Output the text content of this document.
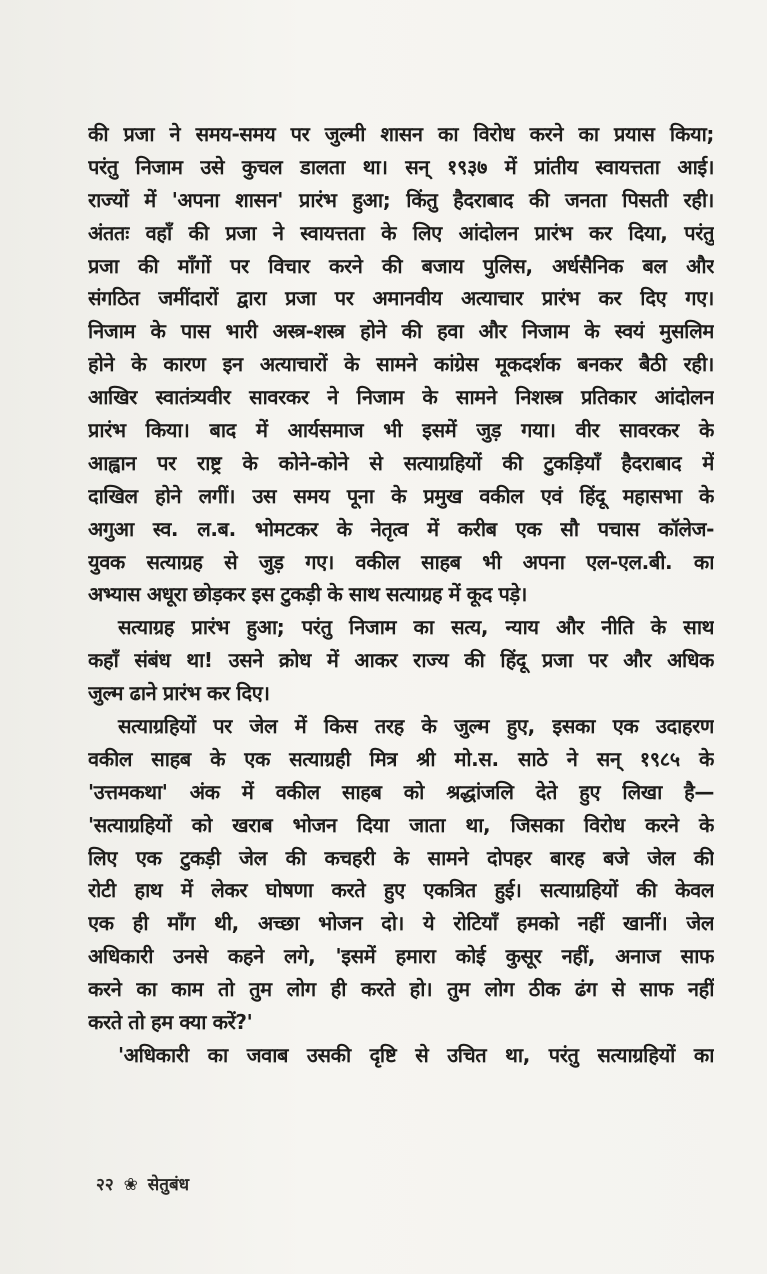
की प्रजा ने समय-समय पर जुल्मी शासन का विरोध करने का प्रयास किया;
परंतु निजाम उसे कुचल डालता था। सन् १९३७ में प्रांतीय स्वायत्तता आई।
राज्यों में 'अपना शासन' प्रारंभ हुआ; किंतु हैदराबाद की जनता पिसती रही।
अंततः वहाँ की प्रजा ने स्वायत्तता के लिए आंदोलन प्रारंभ कर दिया, परंतु
प्रजा की माँगों पर विचार करने की बजाय पुलिस, अर्धसैनिक बल और
संगठित जमींदारों द्वारा प्रजा पर अमानवीय अत्याचार प्रारंभ कर दिए गए।
निजाम के पास भारी अस्त्र-शस्त्र होने की हवा और निजाम के स्वयं मुसलिम
होने के कारण इन अत्याचारों के सामने कांग्रेस मूकदर्शक बनकर बैठी रही।
आखिर स्वातंत्र्यवीर सावरकर ने निजाम के सामने निशस्त्र प्रतिकार आंदोलन
प्रारंभ किया। बाद में आर्यसमाज भी इसमें जुड़ गया। वीर सावरकर के
आह्वान पर राष्ट्र के कोने-कोने से सत्याग्रहियों की टुकड़ियाँ हैदराबाद में
दाखिल होने लगीं। उस समय पूना के प्रमुख वकील एवं हिंदू महासभा के
अगुआ स्व. ल.ब. भोमटकर के नेतृत्व में करीब एक सौ पचास कॉलेज-
युवक सत्याग्रह से जुड़ गए। वकील साहब भी अपना एल-एल.बी. का
अभ्यास अधूरा छोड़कर इस टुकड़ी के साथ सत्याग्रह में कूद पड़े।
सत्याग्रह प्रारंभ हुआ; परंतु निजाम का सत्य, न्याय और नीति के साथ
कहाँ संबंध था! उसने क्रोध में आकर राज्य की हिंदू प्रजा पर और अधिक
जुल्म ढाने प्रारंभ कर दिए।
सत्याग्रहियों पर जेल में किस तरह के जुल्म हुए, इसका एक उदाहरण
वकील साहब के एक सत्याग्रही मित्र श्री मो.स. साठे ने सन् १९८५ के
'उत्तमकथा' अंक में वकील साहब को श्रद्धांजलि देते हुए लिखा है—
'सत्याग्रहियों को खराब भोजन दिया जाता था, जिसका विरोध करने के
लिए एक टुकड़ी जेल की कचहरी के सामने दोपहर बारह बजे जेल की
रोटी हाथ में लेकर घोषणा करते हुए एकत्रित हुई। सत्याग्रहियों की केवल
एक ही माँग थी, अच्छा भोजन दो। ये रोटियाँ हमको नहीं खानीं। जेल
अधिकारी उनसे कहने लगे, 'इसमें हमारा कोई कुसूर नहीं, अनाज साफ
करने का काम तो तुम लोग ही करते हो। तुम लोग ठीक ढंग से साफ नहीं
करते तो हम क्या करें?'
'अधिकारी का जवाब उसकी दृष्टि से उचित था, परंतु सत्याग्रहियों का
२२ ❀ सेतुबंध
